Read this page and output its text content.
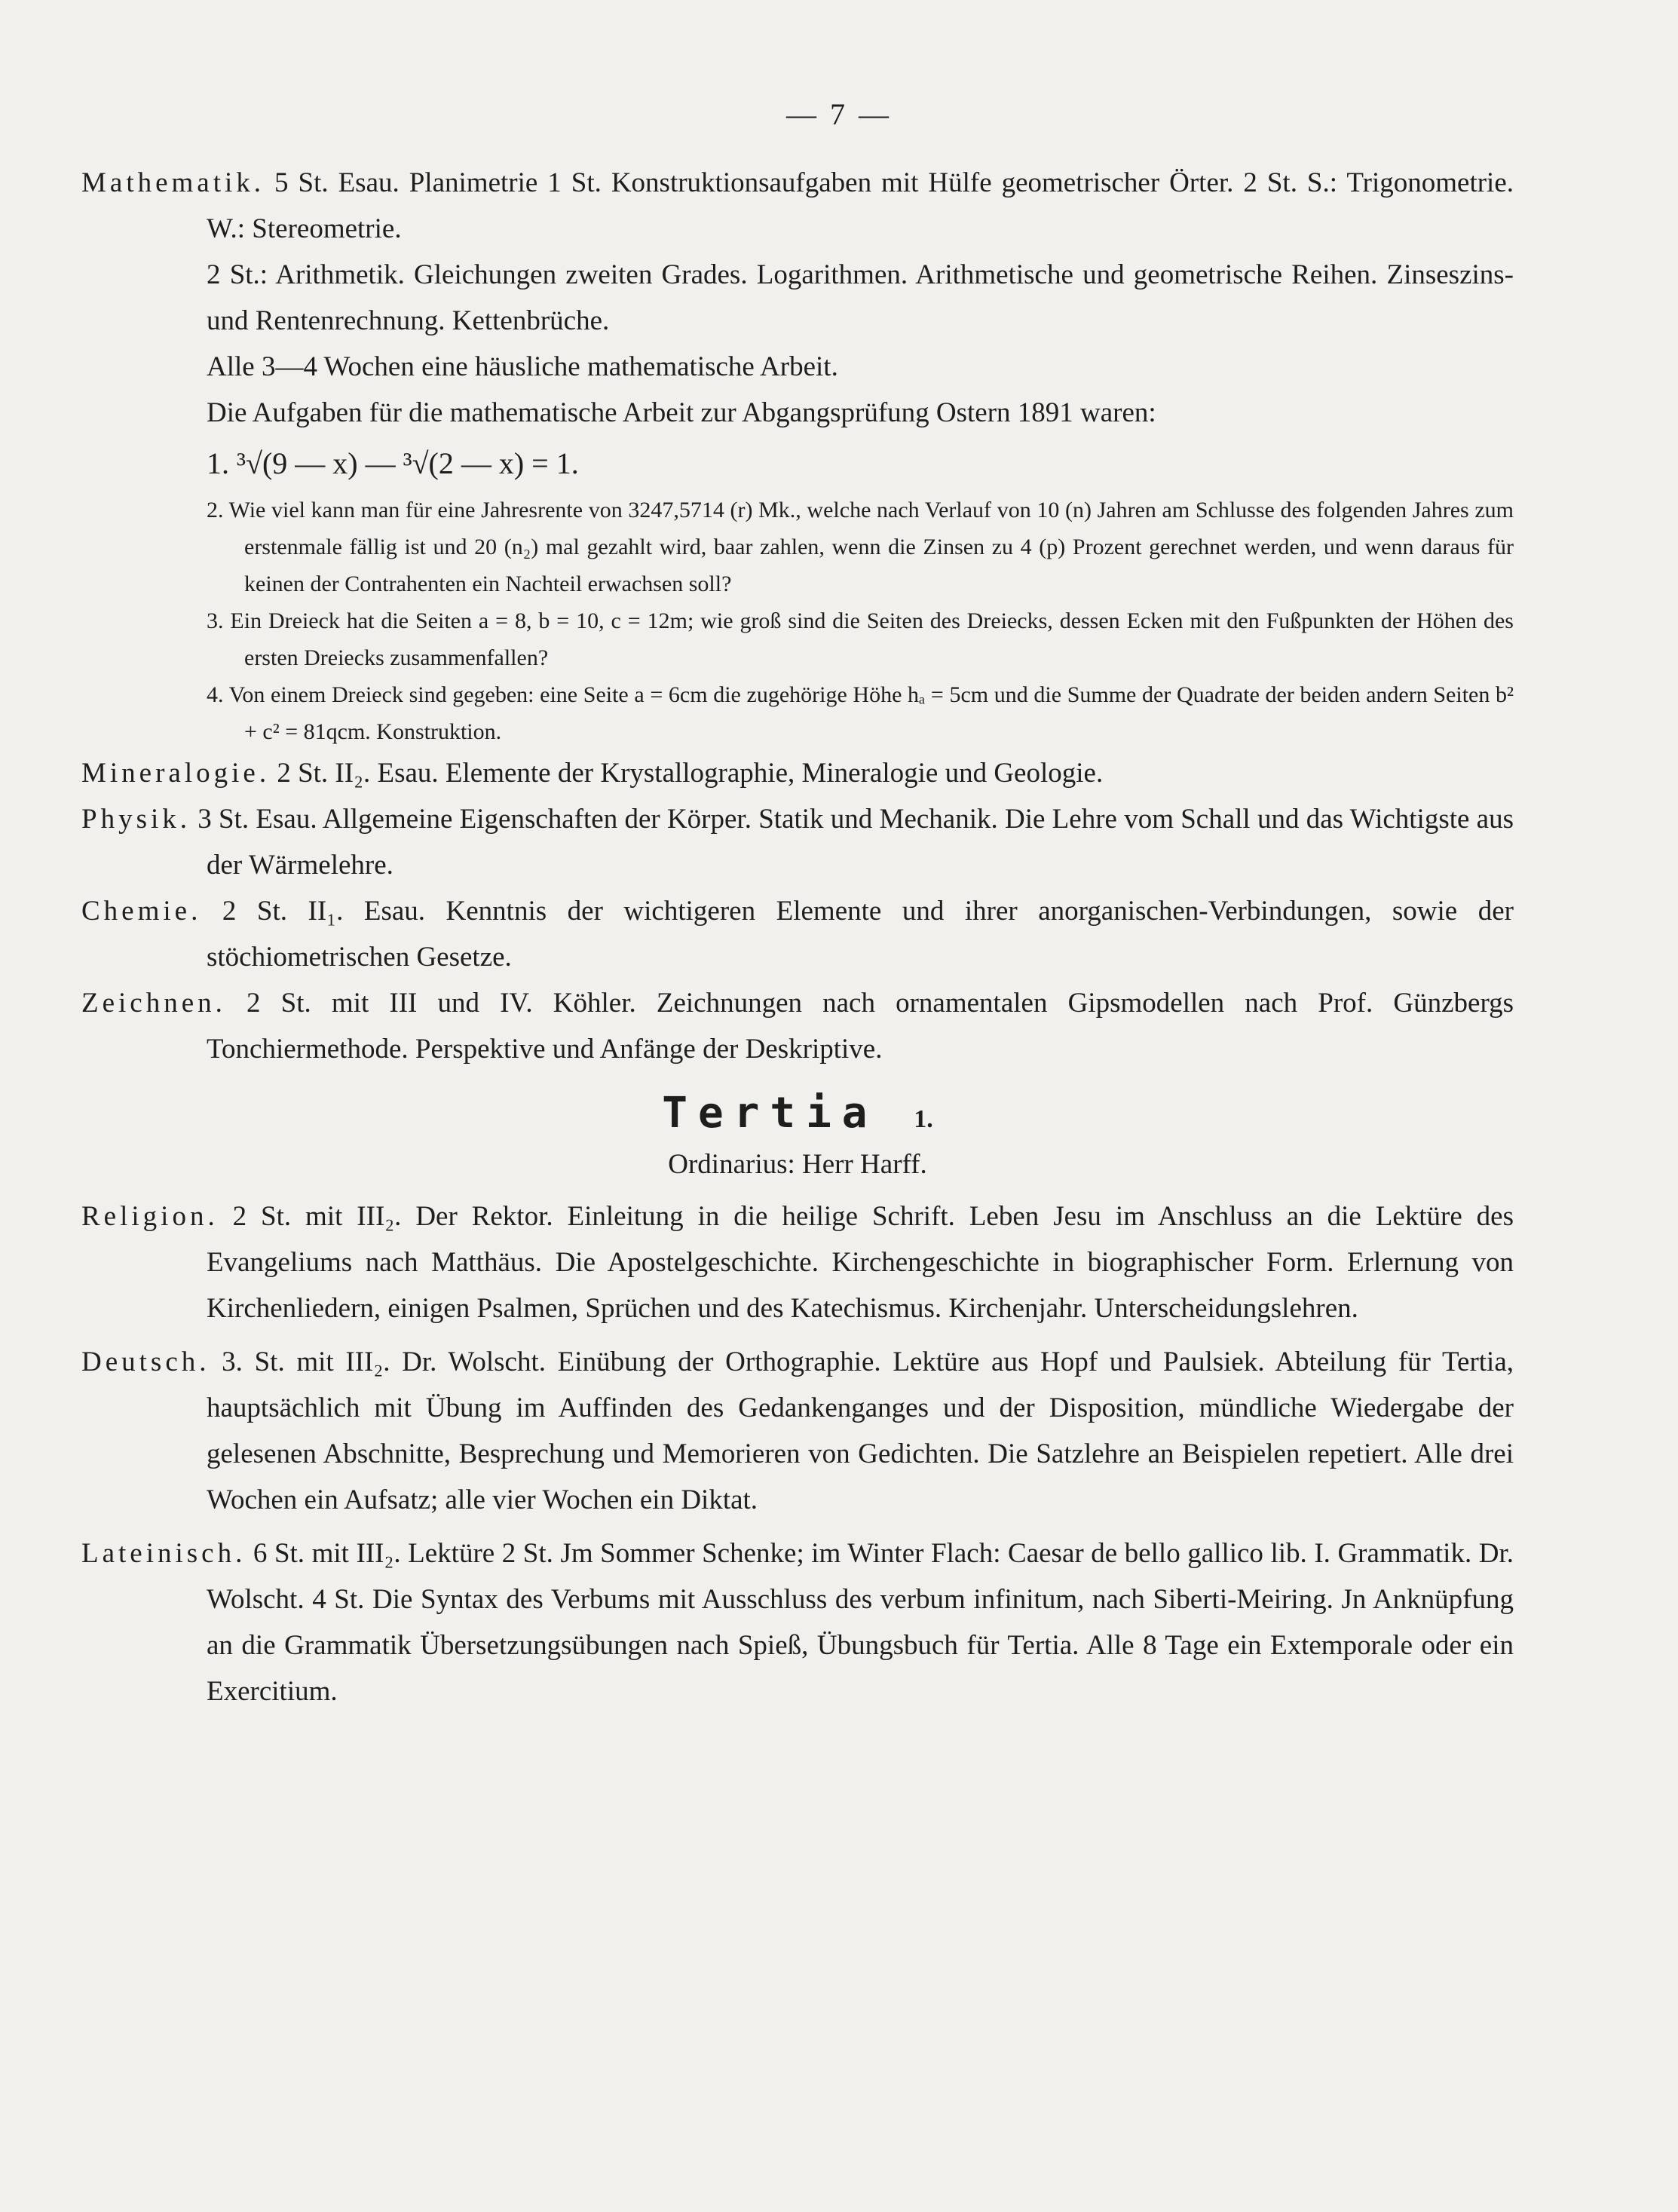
— 7 —

Mathematik. 5 St. Esau. Planimetrie 1 St. Konstruktionsaufgaben mit Hülfe geometrischer Örter. 2 St. S.: Trigonometrie. W.: Stereometrie.

2 St.: Arithmetik. Gleichungen zweiten Grades. Logarithmen. Arithmetische und geometrische Reihen. Zinseszins- und Rentenrechnung. Kettenbrüche.

Alle 3—4 Wochen eine häusliche mathematische Arbeit.

Die Aufgaben für die mathematische Arbeit zur Abgangsprüfung Ostern 1891 waren:

1. ³√(9 — x) — ³√(2 — x) = 1.

2. Wie viel kann man für eine Jahresrente von 3247,5714 (r) Mk., welche nach Verlauf von 10 (n) Jahren am Schlusse des folgenden Jahres zum erstenmale fällig ist und 20 (n₂) mal gezahlt wird, baar zahlen, wenn die Zinsen zu 4 (p) Prozent gerechnet werden, und wenn daraus für keinen der Contrahenten ein Nachteil erwachsen soll?

3. Ein Dreieck hat die Seiten a = 8, b = 10, c = 12m; wie groß sind die Seiten des Dreiecks, dessen Ecken mit den Fußpunkten der Höhen des ersten Dreiecks zusammenfallen?

4. Von einem Dreieck sind gegeben: eine Seite a = 6cm die zugehörige Höhe hₐ = 5cm und die Summe der Quadrate der beiden andern Seiten b² + c² = 81qcm. Konstruktion.

Mineralogie. 2 St. II₂. Esau. Elemente der Krystallographie, Mineralogie und Geologie.

Physik. 3 St. Esau. Allgemeine Eigenschaften der Körper. Statik und Mechanik. Die Lehre vom Schall und das Wichtigste aus der Wärmelehre.

Chemie. 2 St. II₁. Esau. Kenntnis der wichtigeren Elemente und ihrer anorganischen-Verbindungen, sowie der stöchiometrischen Gesetze.

Zeichnen. 2 St. mit III und IV. Köhler. Zeichnungen nach ornamentalen Gipsmodellen nach Prof. Günzbergs Tonchiermethode. Perspektive und Anfänge der Deskriptive.

Tertia 1.

Ordinarius: Herr Harff.

Religion. 2 St. mit III₂. Der Rektor. Einleitung in die heilige Schrift. Leben Jesu im Anschluss an die Lektüre des Evangeliums nach Matthäus. Die Apostelgeschichte. Kirchengeschichte in biographischer Form. Erlernung von Kirchenliedern, einigen Psalmen, Sprüchen und des Katechismus. Kirchenjahr. Unterscheidungslehren.

Deutsch. 3. St. mit III₂. Dr. Wolscht. Einübung der Orthographie. Lektüre aus Hopf und Paulsiek. Abteilung für Tertia, hauptsächlich mit Übung im Auffinden des Gedankenganges und der Disposition, mündliche Wiedergabe der gelesenen Abschnitte, Besprechung und Memorieren von Gedichten. Die Satzlehre an Beispielen repetiert. Alle drei Wochen ein Aufsatz; alle vier Wochen ein Diktat.

Lateinisch. 6 St. mit III₂. Lektüre 2 St. Jm Sommer Schenke; im Winter Flach: Caesar de bello gallico lib. I. Grammatik. Dr. Wolscht. 4 St. Die Syntax des Verbums mit Ausschluss des verbum infinitum, nach Siberti-Meiring. Jn Anknüpfung an die Grammatik Übersetzungsübungen nach Spieß, Übungsbuch für Tertia. Alle 8 Tage ein Extemporale oder ein Exercitium.
